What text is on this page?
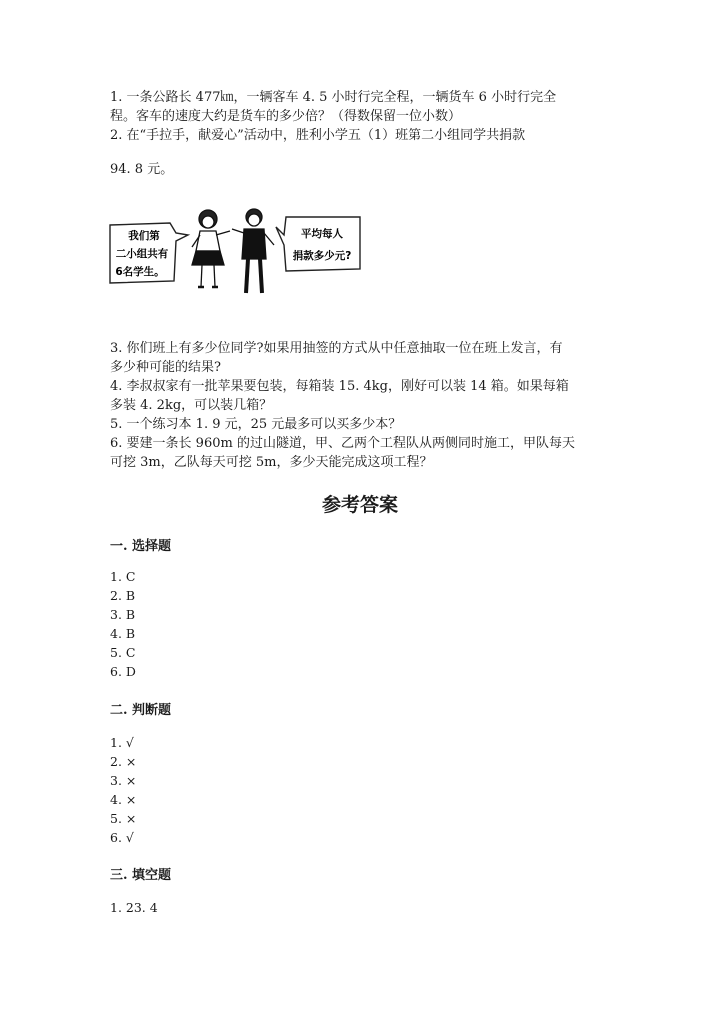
1. 一条公路长 477㎞，一辆客车 4. 5 小时行完全程，一辆货车 6 小时行完全
程。客车的速度大约是货车的多少倍？（得数保留一位小数）
2. 在“手拉手，献爱心”活动中，胜利小学五（1）班第二小组同学共捐款
94. 8 元。
我们第
二小组共有
6名学生。
平均每人
捐款多少元?
3. 你们班上有多少位同学?如果用抽签的方式从中任意抽取一位在班上发言，有
多少种可能的结果?
4. 李叔叔家有一批苹果要包装，每箱装 15. 4kg，刚好可以装 14 箱。如果每箱
多装 4. 2kg，可以装几箱？
5. 一个练习本 1. 9 元，25 元最多可以买多少本？
6. 要建一条长 960m 的过山隧道，甲、乙两个工程队从两侧同时施工，甲队每天
可挖 3m，乙队每天可挖 5m，多少天能完成这项工程？
参考答案
一. 选择题
1. C
2. B
3. B
4. B
5. C
6. D
二. 判断题
1. √
2. ×
3. ×
4. ×
5. ×
6. √
三. 填空题
1. 23. 4
